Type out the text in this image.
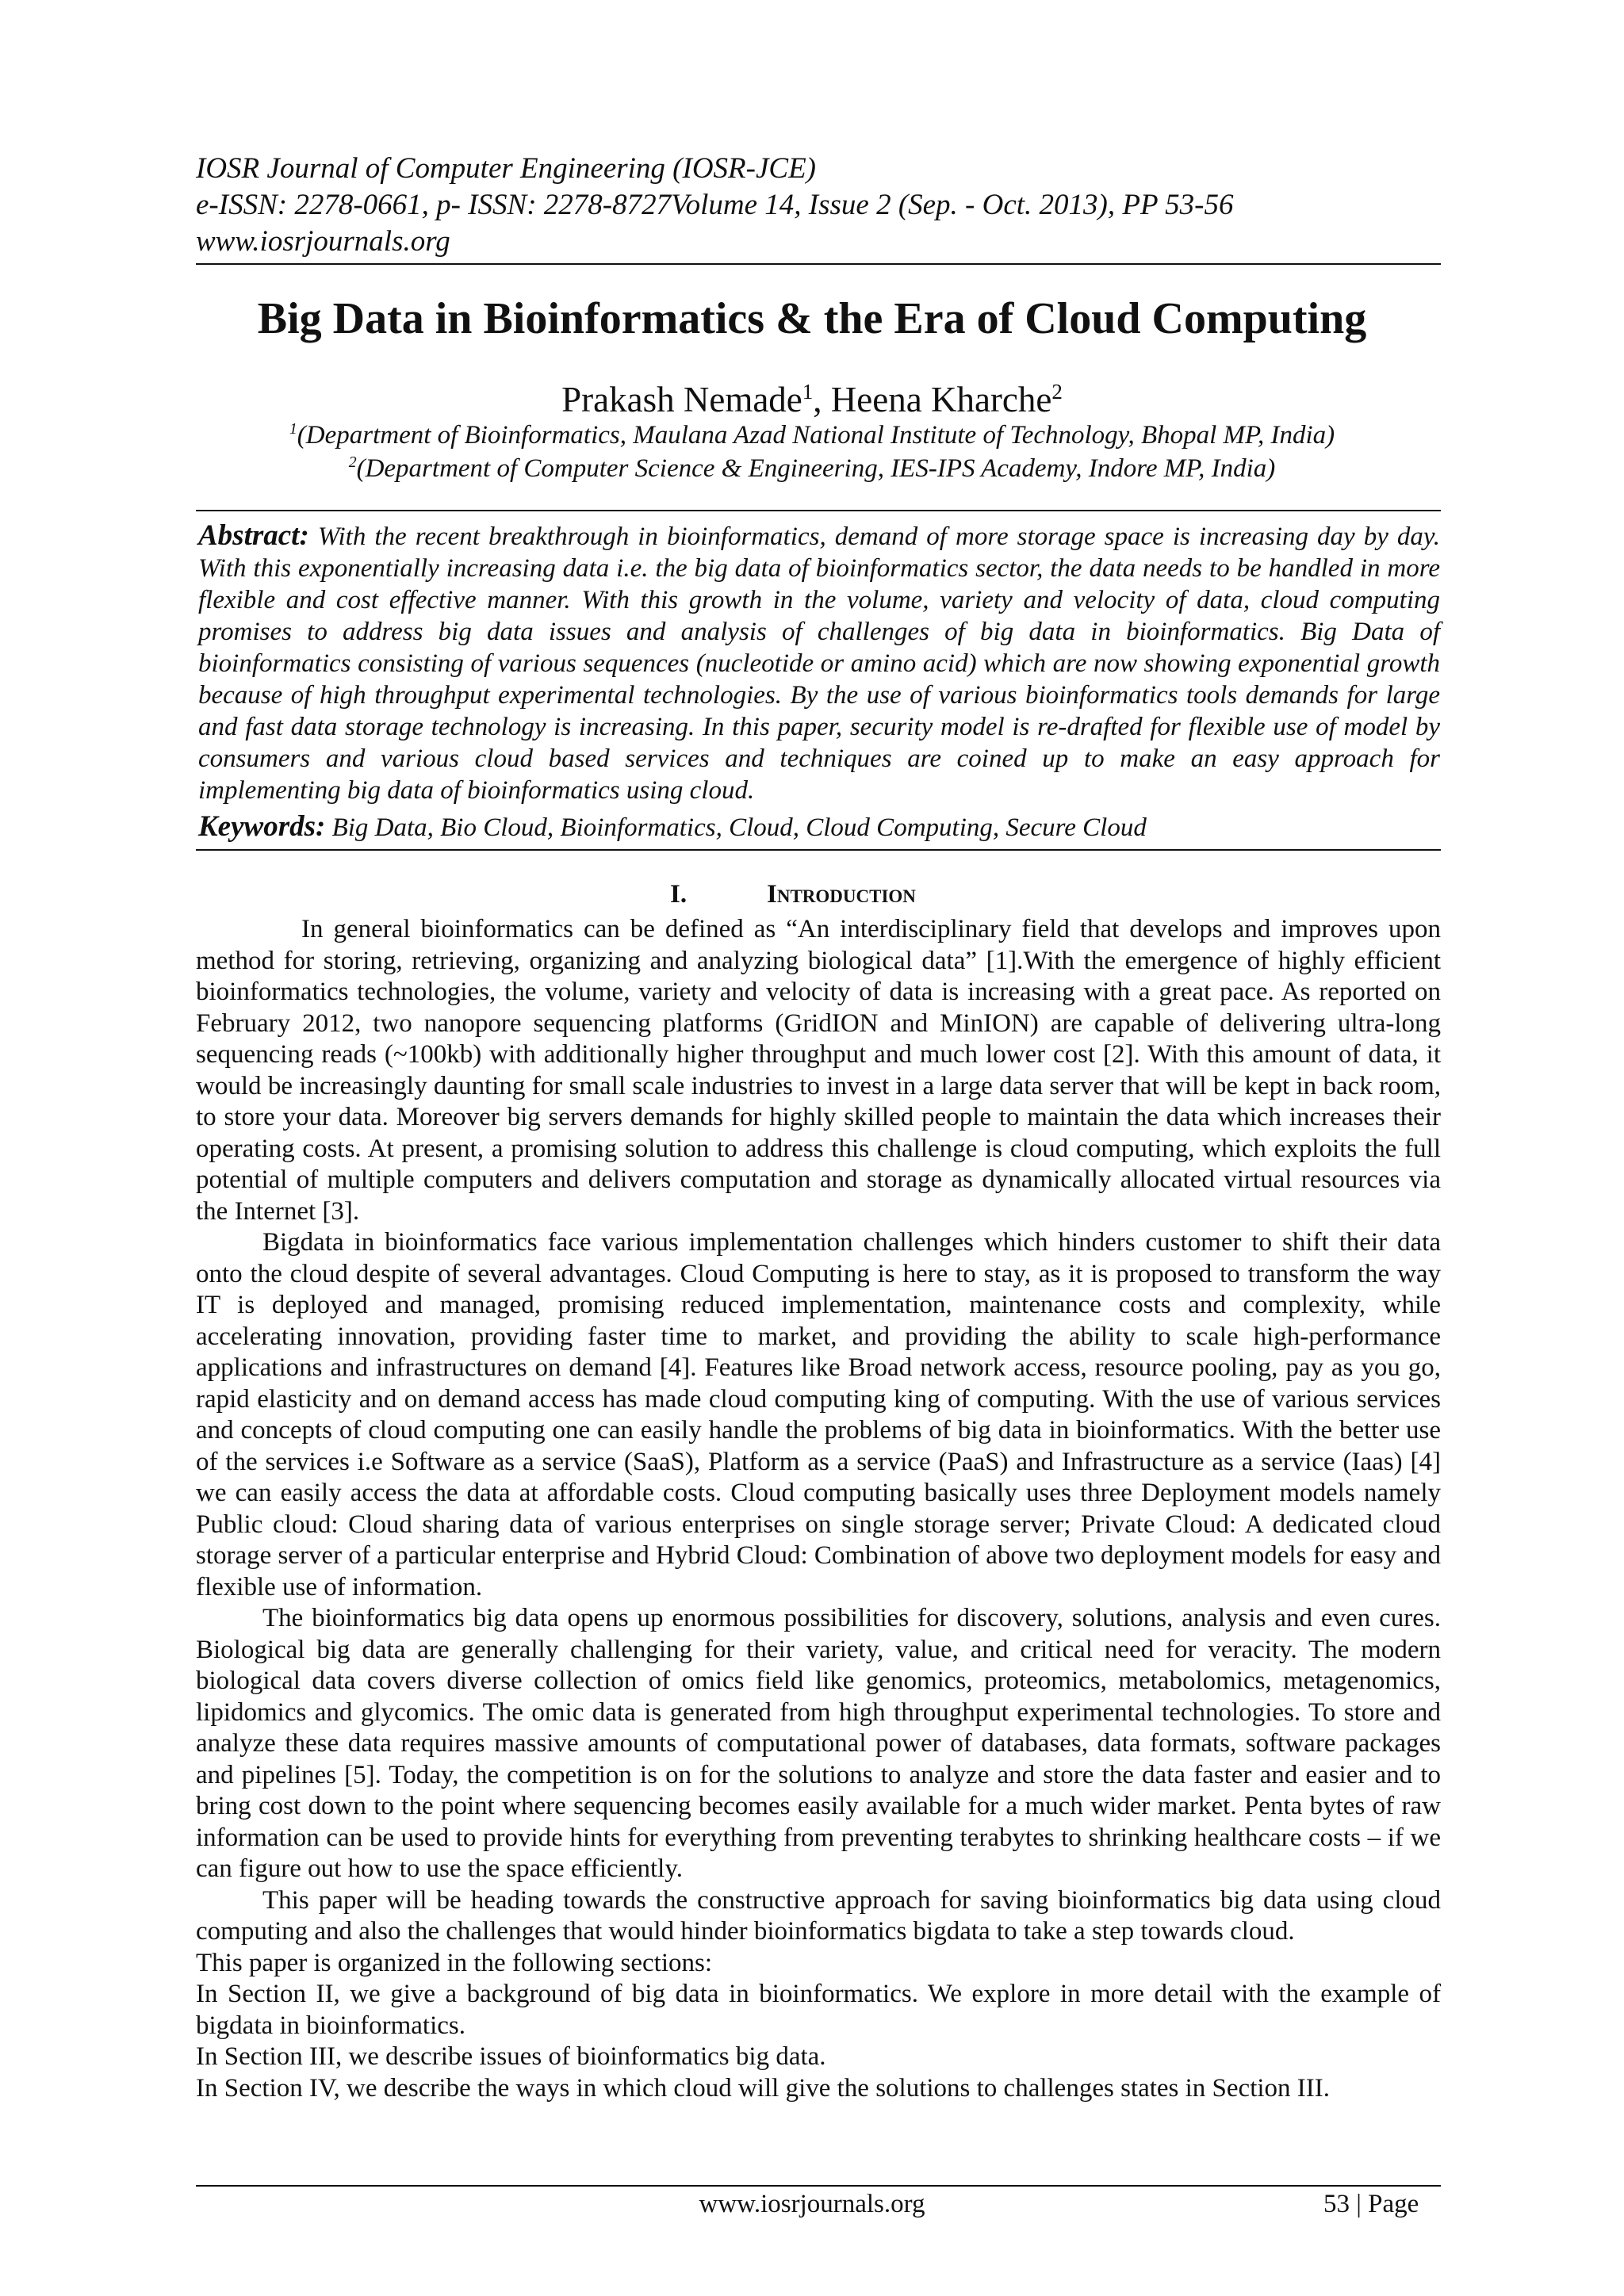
IOSR Journal of Computer Engineering (IOSR-JCE)
e-ISSN: 2278-0661, p- ISSN: 2278-8727Volume 14, Issue 2 (Sep. - Oct. 2013), PP 53-56
www.iosrjournals.org
Big Data in Bioinformatics & the Era of Cloud Computing
Prakash Nemade$^1$, Heena Kharche$^2$
$^1$(Department of Bioinformatics, Maulana Azad National Institute of Technology, Bhopal MP, India)
$^2$(Department of Computer Science & Engineering, IES-IPS Academy, Indore MP, India)
Abstract: With the recent breakthrough in bioinformatics, demand of more storage space is increasing day by day. With this exponentially increasing data i.e. the big data of bioinformatics sector, the data needs to be handled in more flexible and cost effective manner. With this growth in the volume, variety and velocity of data, cloud computing promises to address big data issues and analysis of challenges of big data in bioinformatics. Big Data of bioinformatics consisting of various sequences (nucleotide or amino acid) which are now showing exponential growth because of high throughput experimental technologies. By the use of various bioinformatics tools demands for large and fast data storage technology is increasing. In this paper, security model is re-drafted for flexible use of model by consumers and various cloud based services and techniques are coined up to make an easy approach for implementing big data of bioinformatics using cloud.
Keywords: Big Data, Bio Cloud, Bioinformatics, Cloud, Cloud Computing, Secure Cloud
I.	Introduction

In general bioinformatics can be defined as “An interdisciplinary field that develops and improves upon method for storing, retrieving, organizing and analyzing biological data” [1].With the emergence of highly efficient bioinformatics technologies, the volume, variety and velocity of data is increasing with a great pace. As reported on February 2012, two nanopore sequencing platforms (GridION and MinION) are capable of delivering ultra-long sequencing reads (~100kb) with additionally higher throughput and much lower cost [2]. With this amount of data, it would be increasingly daunting for small scale industries to invest in a large data server that will be kept in back room, to store your data. Moreover big servers demands for highly skilled people to maintain the data which increases their operating costs. At present, a promising solution to address this challenge is cloud computing, which exploits the full potential of multiple computers and delivers computation and storage as dynamically allocated virtual resources via the Internet [3].

Bigdata in bioinformatics face various implementation challenges which hinders customer to shift their data onto the cloud despite of several advantages. Cloud Computing is here to stay, as it is proposed to transform the way IT is deployed and managed, promising reduced implementation, maintenance costs and complexity, while accelerating innovation, providing faster time to market, and providing the ability to scale high-performance applications and infrastructures on demand [4]. Features like Broad network access, resource pooling, pay as you go, rapid elasticity and on demand access has made cloud computing king of computing. With the use of various services and concepts of cloud computing one can easily handle the problems of big data in bioinformatics. With the better use of the services i.e Software as a service (SaaS), Platform as a service (PaaS) and Infrastructure as a service (Iaas) [4] we can easily access the data at affordable costs. Cloud computing basically uses three Deployment models namely Public cloud: Cloud sharing data of various enterprises on single storage server; Private Cloud: A dedicated cloud storage server of a particular enterprise and Hybrid Cloud: Combination of above two deployment models for easy and flexible use of information.

The bioinformatics big data opens up enormous possibilities for discovery, solutions, analysis and even cures. Biological big data are generally challenging for their variety, value, and critical need for veracity. The modern biological data covers diverse collection of omics field like genomics, proteomics, metabolomics, metagenomics, lipidomics and glycomics. The omic data is generated from high throughput experimental technologies. To store and analyze these data requires massive amounts of computational power of databases, data formats, software packages and pipelines [5]. Today, the competition is on for the solutions to analyze and store the data faster and easier and to bring cost down to the point where sequencing becomes easily available for a much wider market. Penta bytes of raw information can be used to provide hints for everything from preventing terabytes to shrinking healthcare costs – if we can figure out how to use the space efficiently.

This paper will be heading towards the constructive approach for saving bioinformatics big data using cloud computing and also the challenges that would hinder bioinformatics bigdata to take a step towards cloud.

This paper is organized in the following sections:

In Section II, we give a background of big data in bioinformatics. We explore in more detail with the example of bigdata in bioinformatics.

In Section III, we describe issues of bioinformatics big data.

In Section IV, we describe the ways in which cloud will give the solutions to challenges states in Section III.

www.iosrjournals.org	53 | Page
